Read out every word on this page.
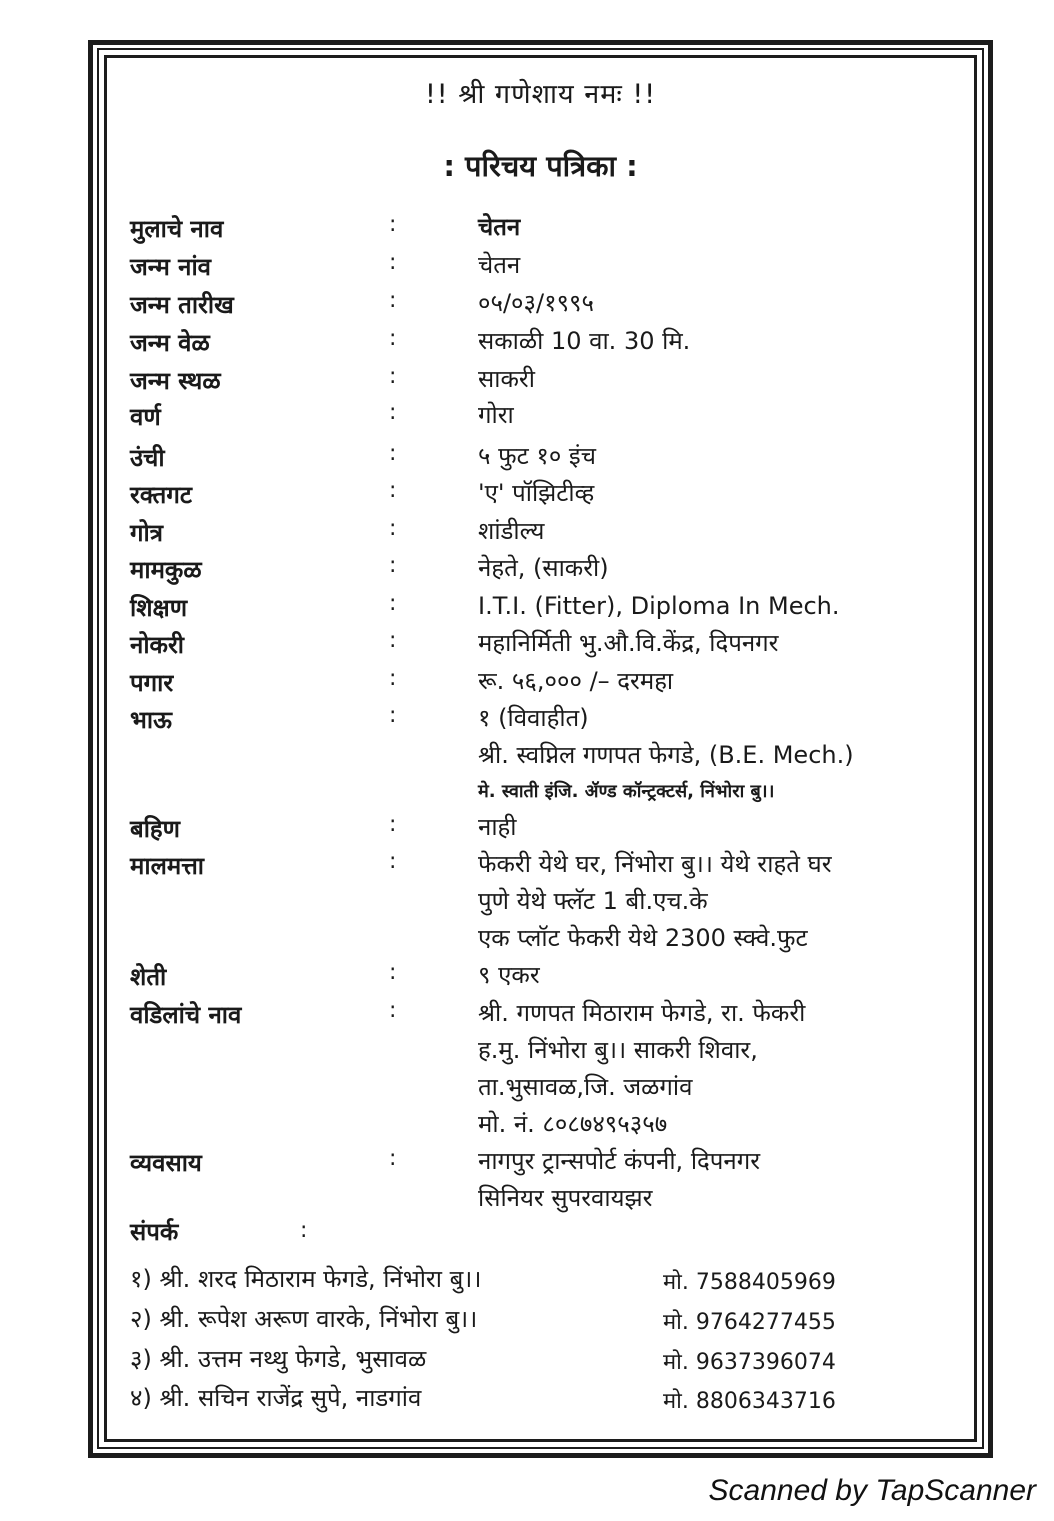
!! श्री गणेशाय नमः !!
: परिचय पत्रिका :
मुलाचे नाव	:	चेतन
जन्म नांव	:	चेतन
जन्म तारीख	:	०५/०३/१९९५
जन्म वेळ	:	सकाळी 10 वा. 30 मि.
जन्म स्थळ	:	साकरी
वर्ण	:	गोरा
उंची	:	५ फुट १० इंच
रक्तगट	:	'ए' पॉझिटीव्ह
गोत्र	:	शांडील्य
मामकुळ	:	नेहते, (साकरी)
शिक्षण	:	I.T.I. (Fitter), Diploma In Mech.
नोकरी	:	महानिर्मिती भु.औ.वि.केंद्र, दिपनगर
पगार	:	रू. ५६,००० /– दरमहा
भाऊ	:	१ (विवाहीत)
श्री. स्वप्निल गणपत फेगडे, (B.E. Mech.)
मे. स्वाती इंजि. ॲण्ड कॉन्ट्रक्टर्स, निंभोरा बु।।
बहिण	:	नाही
मालमत्ता	:	फेकरी येथे घर, निंभोरा बु।। येथे राहते घर
पुणे येथे फ्लॅट 1 बी.एच.के
एक प्लॉट फेकरी येथे 2300 स्क्वे.फुट
शेती	:	९ एकर
वडिलांचे नाव	:	श्री. गणपत मिठाराम फेगडे, रा. फेकरी
ह.मु. निंभोरा बु।। साकरी शिवार,
ता.भुसावळ,जि. जळगांव
मो. नं. ८०८७४९५३५७
व्यवसाय	:	नागपुर ट्रान्सपोर्ट कंपनी, दिपनगर
सिनियर सुपरवायझर
संपर्क	:
१) श्री. शरद मिठाराम फेगडे, निंभोरा बु।।	मो. 7588405969
२) श्री. रूपेश अरूण वारके, निंभोरा बु।।	मो. 9764277455
३) श्री. उत्तम नथ्थु फेगडे, भुसावळ	मो. 9637396074
४) श्री. सचिन राजेंद्र सुपे, नाडगांव	मो. 8806343716
Scanned by TapScanner
